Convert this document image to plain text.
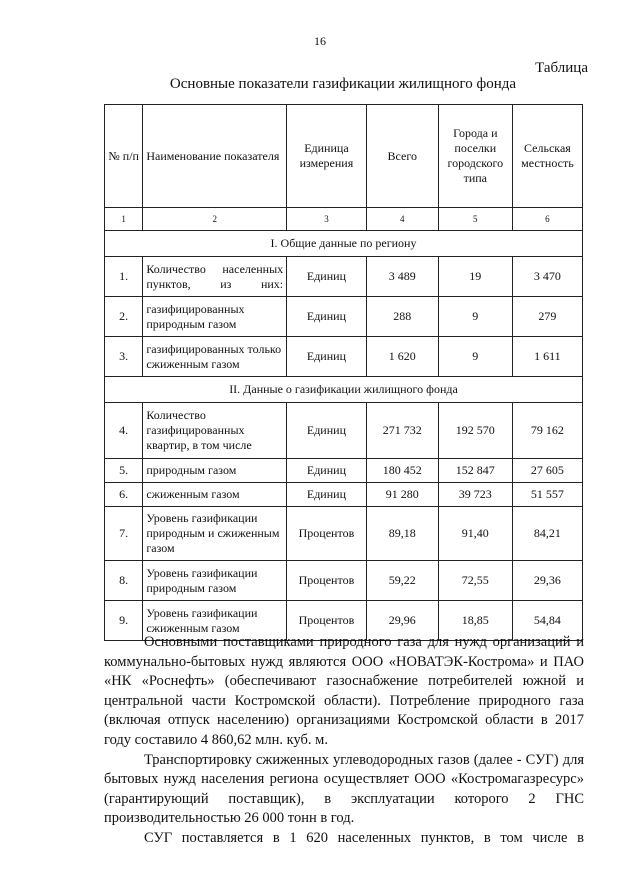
16
Таблица
Основные показатели газификации жилищного фонда
№ п/п	Наименование показателя	Единица измерения	Всего	Города и поселки городского типа	Сельская местность
1	2	3	4	5	6
I. Общие данные по региону					
1.	Количество населенных пунктов, из них:	Единиц	3 489	19	3 470
2.	газифицированных природным газом	Единиц	288	9	279
3.	газифицированных только сжиженным газом	Единиц	1 620	9	1 611
II. Данные о газификации жилищного фонда					
4.	Количество газифицированных квартир, в том числе	Единиц	271 732	192 570	79 162
5.	природным газом	Единиц	180 452	152 847	27 605
6.	сжиженным газом	Единиц	91 280	39 723	51 557
7.	Уровень газификации природным и сжиженным газом	Процентов	89,18	91,40	84,21
8.	Уровень газификации природным газом	Процентов	59,22	72,55	29,36
9.	Уровень газификации сжиженным газом	Процентов	29,96	18,85	54,84

Основными поставщиками природного газа для нужд организаций и коммунально-бытовых нужд являются ООО «НОВАТЭК-Кострома» и ПАО «НК «Роснефть» (обеспечивают газоснабжение потребителей южной и центральной части Костромской области). Потребление природного газа (включая отпуск населению) организациями Костромской области в 2017 году составило 4 860,62 млн. куб. м.

Транспортировку сжиженных углеводородных газов (далее - СУГ) для бытовых нужд населения региона осуществляет ООО «Костромагазресурс» (гарантирующий поставщик), в эксплуатации которого 2 ГНС производительностью 26 000 тонн в год.

СУГ поставляется в 1 620 населенных пунктов, в том числе в
